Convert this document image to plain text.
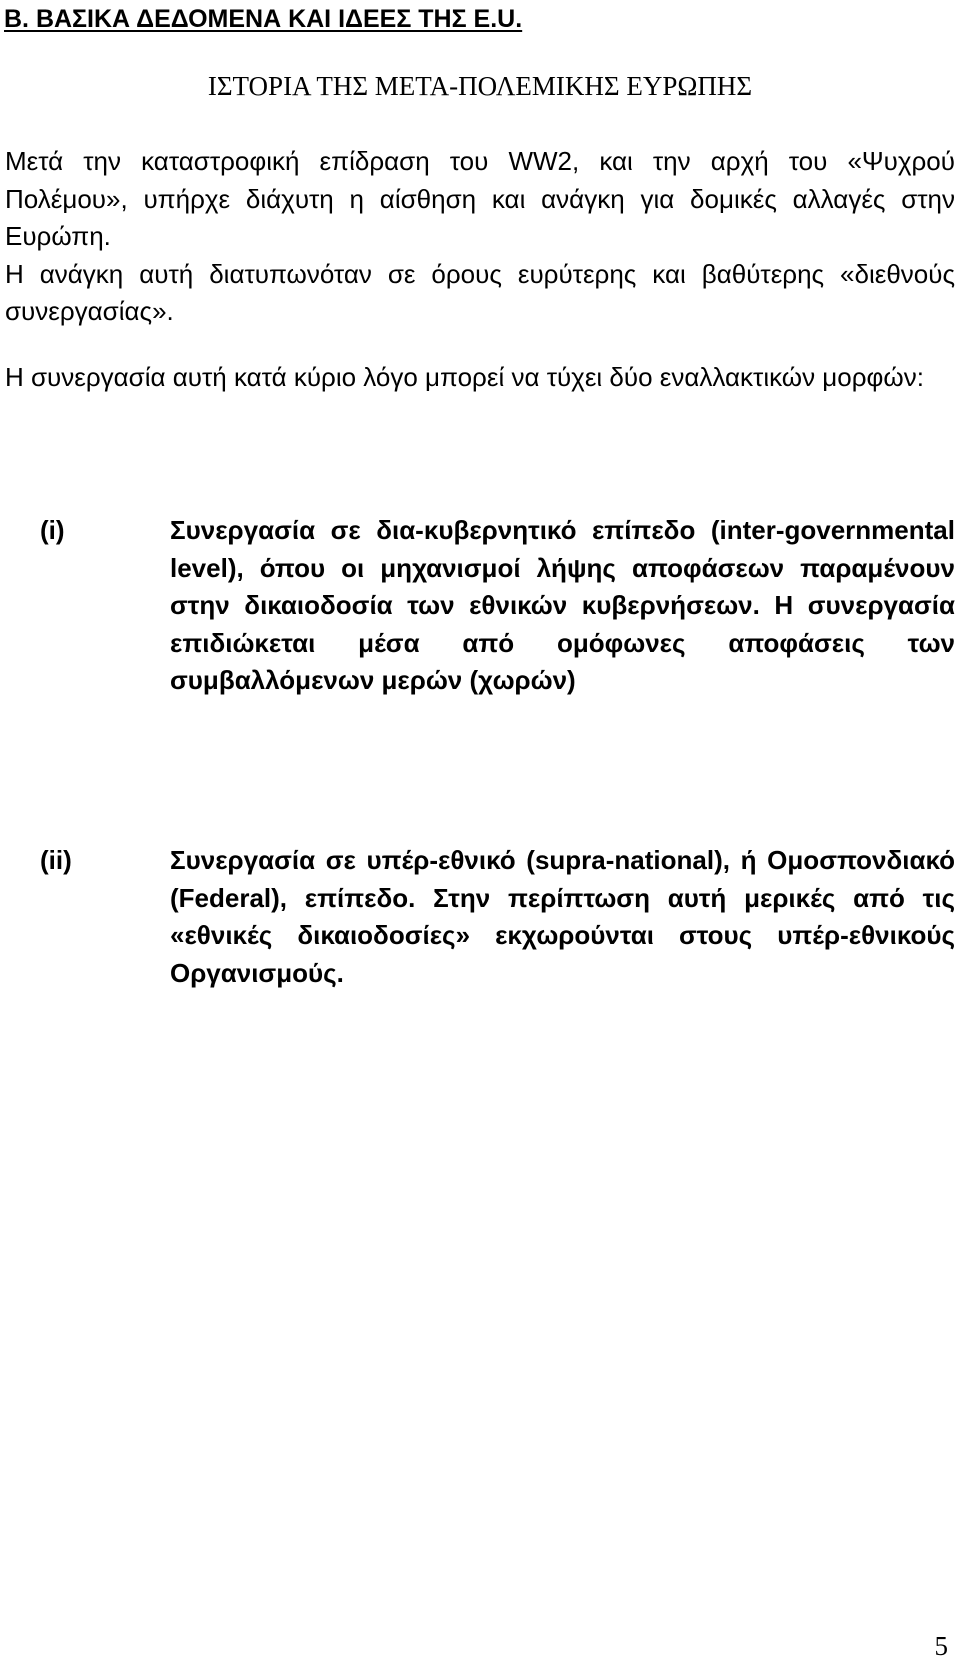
Β. ΒΑΣΙΚΑ ΔΕΔΟΜΕΝΑ ΚΑΙ ΙΔΕΕΣ ΤΗΣ Ε.U.
ΙΣΤΟΡΙΑ ΤΗΣ ΜΕΤΑ-ΠΟΛΕΜΙΚΗΣ ΕΥΡΩΠΗΣ

Μετά την καταστροφική επίδραση του WW2, και την αρχή του «Ψυχρού Πολέμου», υπήρχε διάχυτη η αίσθηση και ανάγκη για δομικές αλλαγές στην Ευρώπη.
Η ανάγκη αυτή διατυπωνόταν σε όρους ευρύτερης και βαθύτερης «διεθνούς συνεργασίας».

Η συνεργασία αυτή κατά κύριο λόγο μπορεί να τύχει δύο εναλλακτικών μορφών:

(i)	Συνεργασία σε δια-κυβερνητικό επίπεδο (inter-governmental level), όπου οι μηχανισμοί λήψης αποφάσεων παραμένουν στην δικαιοδοσία των εθνικών κυβερνήσεων. Η συνεργασία επιδιώκεται μέσα από ομόφωνες αποφάσεις των συμβαλλόμενων μερών (χωρών)
(ii)	Συνεργασία σε υπέρ-εθνικό (supra-national), ή Ομοσπονδιακό (Federal), επίπεδο. Στην περίπτωση αυτή μερικές από τις «εθνικές δικαιοδοσίες» εκχωρούνται στους υπέρ-εθνικούς Οργανισμούς.
5
